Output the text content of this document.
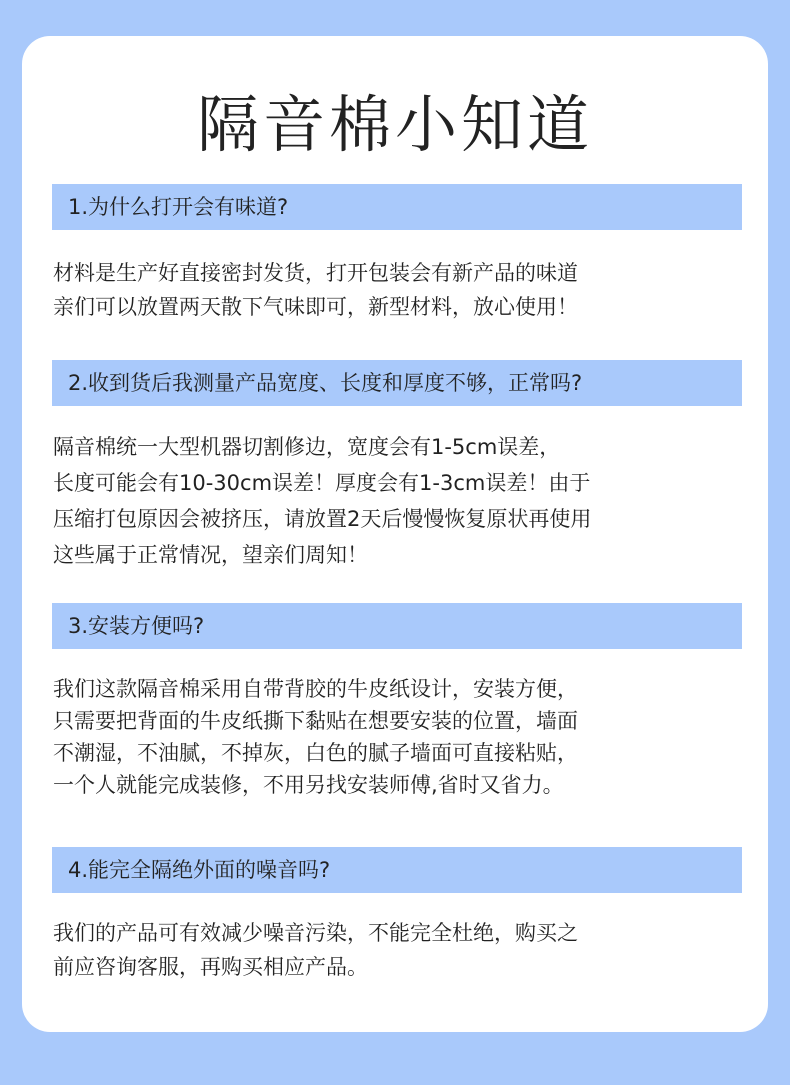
隔音棉小知道
1.为什么打开会有味道?
材料是生产好直接密封发货，打开包装会有新产品的味道
亲们可以放置两天散下气味即可，新型材料，放心使用！
2.收到货后我测量产品宽度、长度和厚度不够，正常吗?
隔音棉统一大型机器切割修边，宽度会有1-5cm误差，
长度可能会有10-30cm误差！厚度会有1-3cm误差！由于
压缩打包原因会被挤压，请放置2天后慢慢恢复原状再使用
这些属于正常情况，望亲们周知！
3.安装方便吗?
我们这款隔音棉采用自带背胶的牛皮纸设计，安装方便，
只需要把背面的牛皮纸撕下黏贴在想要安装的位置，墙面
不潮湿，不油腻，不掉灰，白色的腻子墙面可直接粘贴，
一个人就能完成装修，不用另找安装师傅,省时又省力。
4.能完全隔绝外面的噪音吗?
我们的产品可有效减少噪音污染，不能完全杜绝，购买之
前应咨询客服，再购买相应产品。
